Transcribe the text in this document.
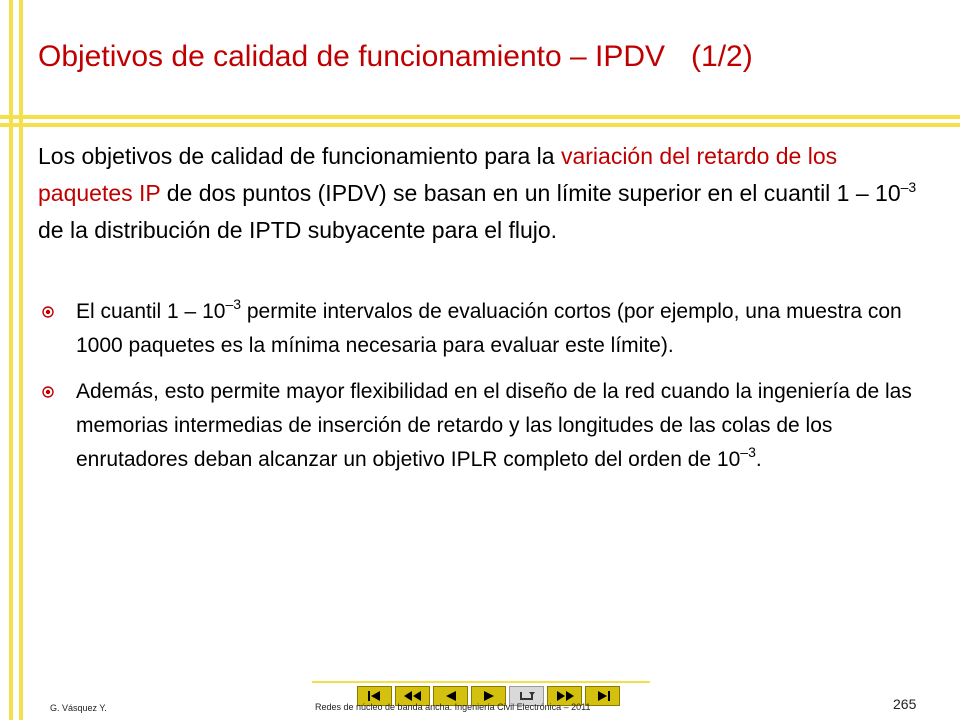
Objetivos de calidad de funcionamiento – IPDV (1/2)
Los objetivos de calidad de funcionamiento para la variación del retardo de los paquetes IP de dos puntos (IPDV) se basan en un límite superior en el cuantil $1 - 10^{-3}$ de la distribución de IPTD subyacente para el flujo.
El cuantil $1 - 10^{-3}$ permite intervalos de evaluación cortos (por ejemplo, una muestra con 1000 paquetes es la mínima necesaria para evaluar este límite).
Además, esto permite mayor flexibilidad en el diseño de la red cuando la ingeniería de las memorias intermedias de inserción de retardo y las longitudes de las colas de los enrutadores deban alcanzar un objetivo IPLR completo del orden de $10^{-3}$.
G. Vásquez Y.	Redes de núcleo de banda ancha. Ingeniería Civil Electrónica – 2011	265
